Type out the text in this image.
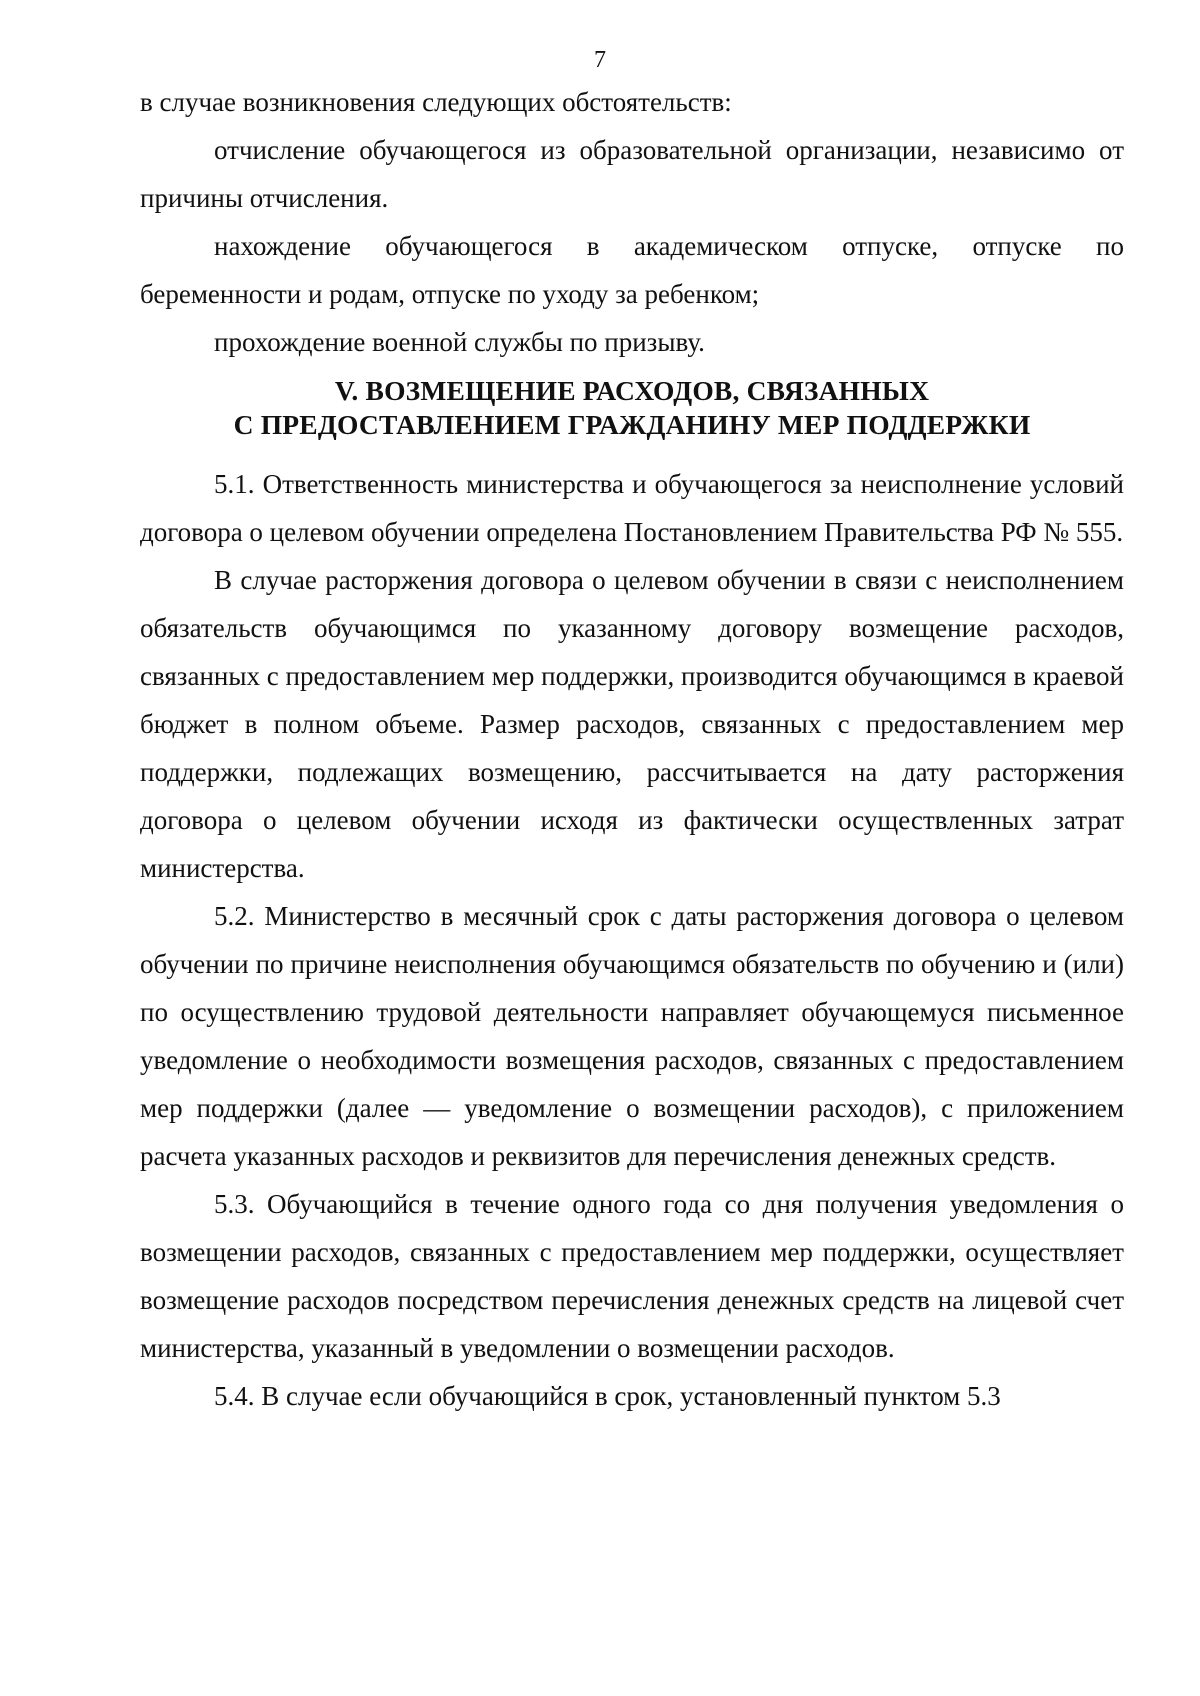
7

в случае возникновения следующих обстоятельств:

отчисление обучающегося из образовательной организации, независимо от причины отчисления.

нахождение обучающегося в академическом отпуске, отпуске по беременности и родам, отпуске по уходу за ребенком;

прохождение военной службы по призыву.

V. ВОЗМЕЩЕНИЕ РАСХОДОВ, СВЯЗАННЫХ
С ПРЕДОСТАВЛЕНИЕМ ГРАЖДАНИНУ МЕР ПОДДЕРЖКИ

5.1. Ответственность министерства и обучающегося за неисполнение условий договора о целевом обучении определена Постановлением Правительства РФ № 555.

В случае расторжения договора о целевом обучении в связи с неисполнением обязательств обучающимся по указанному договору возмещение расходов, связанных с предоставлением мер поддержки, производится обучающимся в краевой бюджет в полном объеме. Размер расходов, связанных с предоставлением мер поддержки, подлежащих возмещению, рассчитывается на дату расторжения договора о целевом обучении исходя из фактически осуществленных затрат министерства.

5.2. Министерство в месячный срок с даты расторжения договора о целевом обучении по причине неисполнения обучающимся обязательств по обучению и (или) по осуществлению трудовой деятельности направляет обучающемуся письменное уведомление о необходимости возмещения расходов, связанных с предоставлением мер поддержки (далее — уведомление о возмещении расходов), с приложением расчета указанных расходов и реквизитов для перечисления денежных средств.

5.3. Обучающийся в течение одного года со дня получения уведомления о возмещении расходов, связанных с предоставлением мер поддержки, осуществляет возмещение расходов посредством перечисления денежных средств на лицевой счет министерства, указанный в уведомлении о возмещении расходов.

5.4. В случае если обучающийся в срок, установленный пунктом 5.3
